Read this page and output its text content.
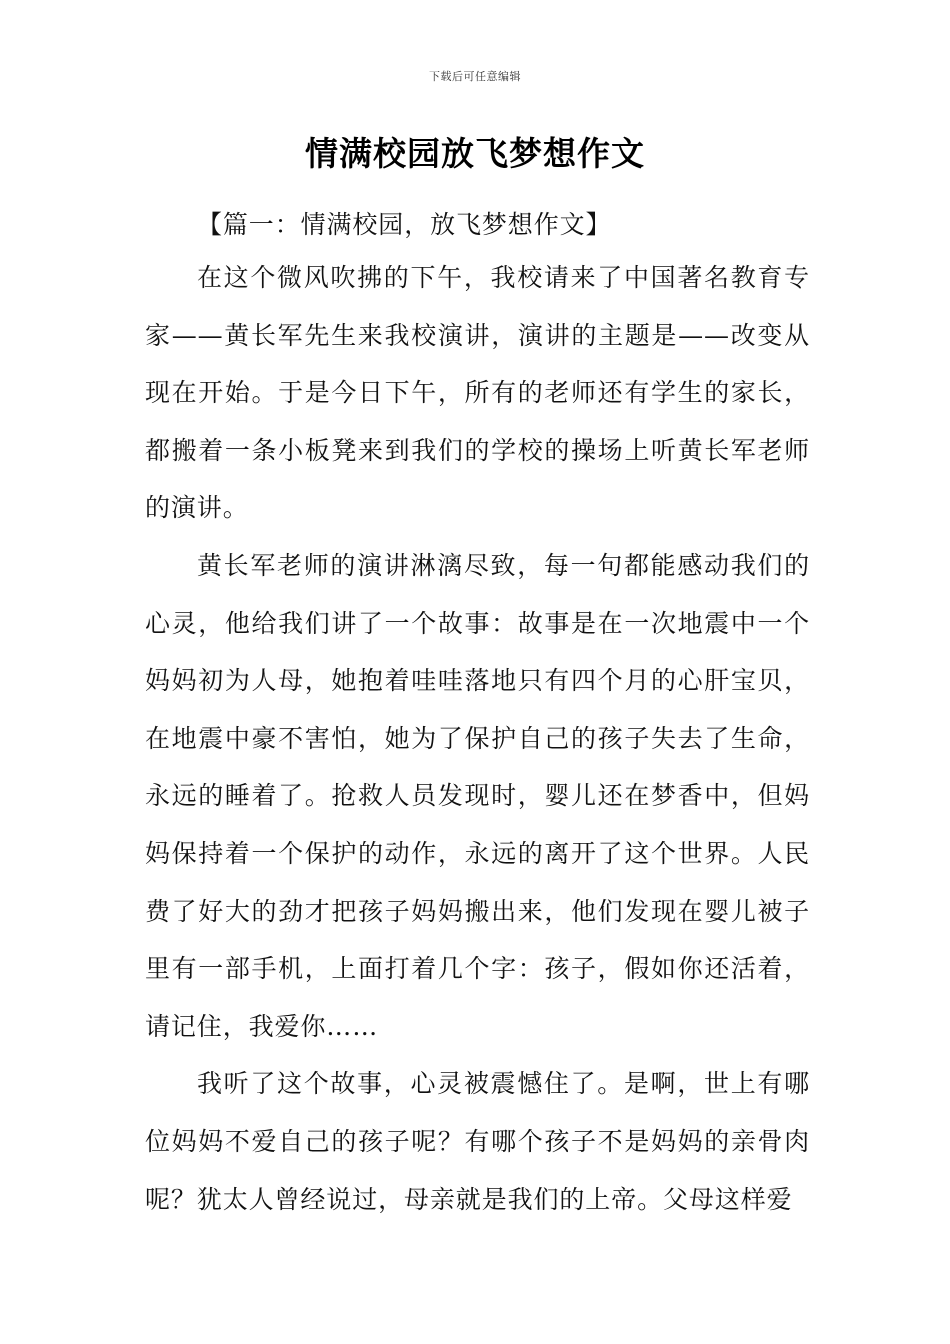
下载后可任意编辑
情满校园放飞梦想作文
【篇一：情满校园，放飞梦想作文】

在这个微风吹拂的下午，我校请来了中国著名教育专家——黄长军先生来我校演讲，演讲的主题是——改变从现在开始。于是今日下午，所有的老师还有学生的家长，都搬着一条小板凳来到我们的学校的操场上听黄长军老师的演讲。

黄长军老师的演讲淋漓尽致，每一句都能感动我们的心灵，他给我们讲了一个故事：故事是在一次地震中一个妈妈初为人母，她抱着哇哇落地只有四个月的心肝宝贝，在地震中豪不害怕，她为了保护自己的孩子失去了生命，永远的睡着了。抢救人员发现时，婴儿还在梦香中，但妈妈保持着一个保护的动作，永远的离开了这个世界。人民费了好大的劲才把孩子妈妈搬出来，他们发现在婴儿被子里有一部手机，上面打着几个字：孩子，假如你还活着，请记住，我爱你……

我听了这个故事，心灵被震憾住了。是啊，世上有哪位妈妈不爱自己的孩子呢？有哪个孩子不是妈妈的亲骨肉呢？犹太人曾经说过，母亲就是我们的上帝。父母这样爱
